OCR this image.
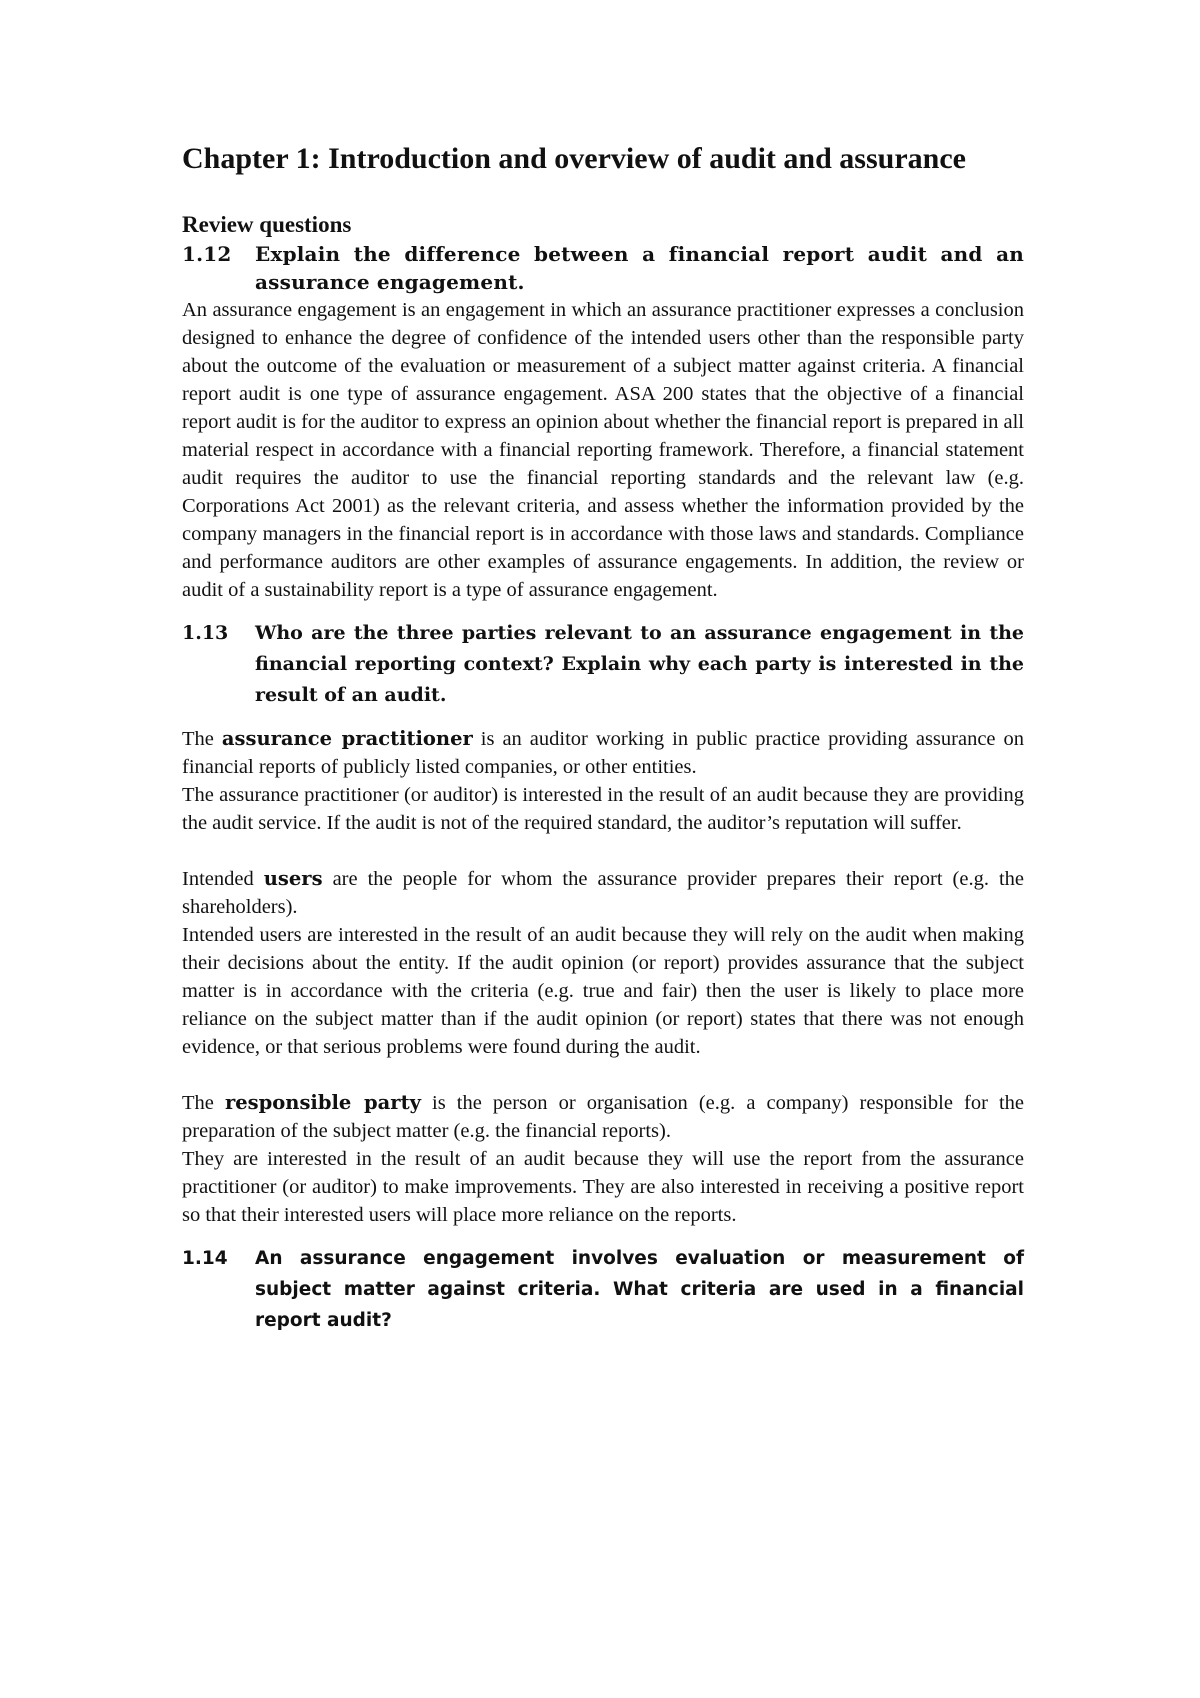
Chapter 1: Introduction and overview of audit and assurance
Review questions

1.12 Explain the difference between a financial report audit and an assurance engagement.

An assurance engagement is an engagement in which an assurance practitioner expresses a conclusion designed to enhance the degree of confidence of the intended users other than the responsible party about the outcome of the evaluation or measurement of a subject matter against criteria. A financial report audit is one type of assurance engagement. ASA 200 states that the objective of a financial report audit is for the auditor to express an opinion about whether the financial report is prepared in all material respect in accordance with a financial reporting framework. Therefore, a financial statement audit requires the auditor to use the financial reporting standards and the relevant law (e.g. Corporations Act 2001) as the relevant criteria, and assess whether the information provided by the company managers in the financial report is in accordance with those laws and standards. Compliance and performance auditors are other examples of assurance engagements. In addition, the review or audit of a sustainability report is a type of assurance engagement.

1.13 Who are the three parties relevant to an assurance engagement in the financial reporting context? Explain why each party is interested in the result of an audit.

The assurance practitioner is an auditor working in public practice providing assurance on financial reports of publicly listed companies, or other entities.

The assurance practitioner (or auditor) is interested in the result of an audit because they are providing the audit service. If the audit is not of the required standard, the auditor’s reputation will suffer.

Intended users are the people for whom the assurance provider prepares their report (e.g. the shareholders).

Intended users are interested in the result of an audit because they will rely on the audit when making their decisions about the entity. If the audit opinion (or report) provides assurance that the subject matter is in accordance with the criteria (e.g. true and fair) then the user is likely to place more reliance on the subject matter than if the audit opinion (or report) states that there was not enough evidence, or that serious problems were found during the audit.

The responsible party is the person or organisation (e.g. a company) responsible for the preparation of the subject matter (e.g. the financial reports).

They are interested in the result of an audit because they will use the report from the assurance practitioner (or auditor) to make improvements. They are also interested in receiving a positive report so that their interested users will place more reliance on the reports.

1.14 An assurance engagement involves evaluation or measurement of subject matter against criteria. What criteria are used in a financial report audit?
